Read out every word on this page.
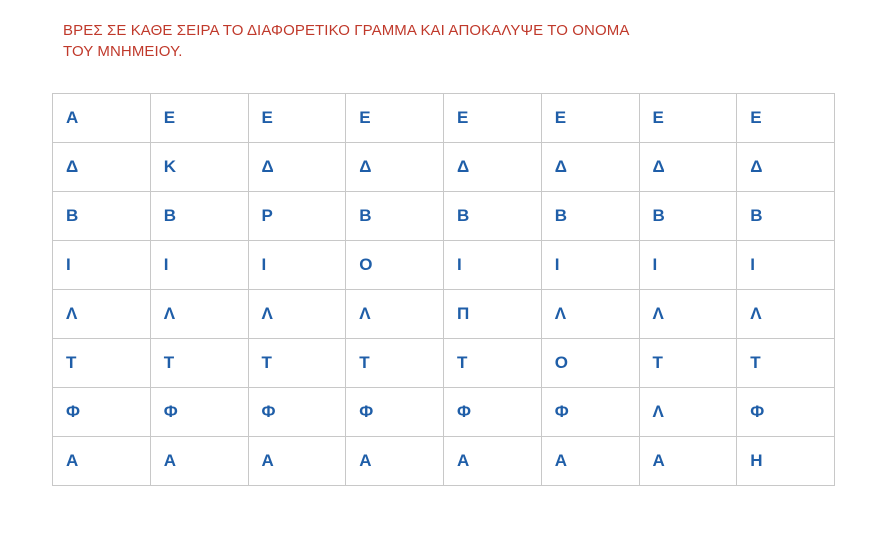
ΒΡΕΣ ΣΕ ΚΑΘΕ ΣΕΙΡΑ ΤΟ ΔΙΑΦΟΡΕΤΙΚΟ ΓΡΑΜΜΑ ΚΑΙ ΑΠΟΚΑΛΥΨΕ ΤΟ ΟΝΟΜΑ
ΤΟΥ ΜΝΗΜΕΙΟΥ.
Α	Ε	Ε	Ε	Ε	Ε	Ε	Ε
Δ	Κ	Δ	Δ	Δ	Δ	Δ	Δ
Β	Β	Ρ	Β	Β	Β	Β	Β
Ι	Ι	Ι	Ο	Ι	Ι	Ι	Ι
Λ	Λ	Λ	Λ	Π	Λ	Λ	Λ
Τ	Τ	Τ	Τ	Τ	Ο	Τ	Τ
Φ	Φ	Φ	Φ	Φ	Φ	Λ	Φ
Α	Α	Α	Α	Α	Α	Α	Η
